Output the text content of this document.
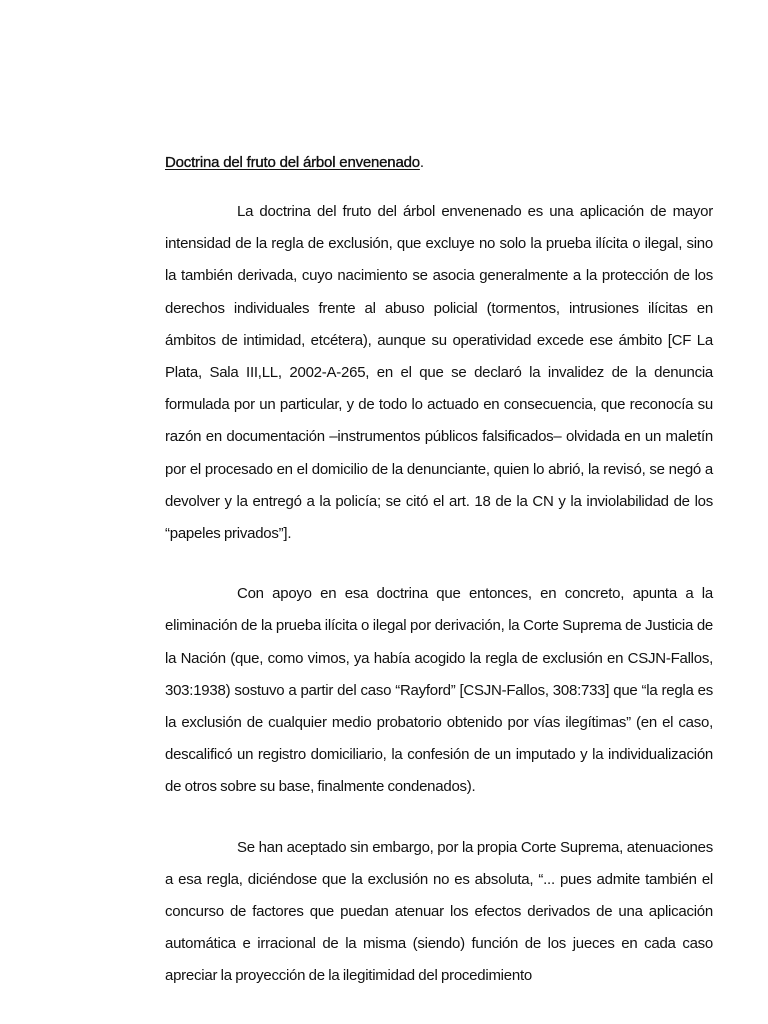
Doctrina del fruto del árbol envenenado.

La doctrina del fruto del árbol envenenado es una aplicación de mayor intensidad de la regla de exclusión, que excluye no solo la prueba ilícita o ilegal, sino la también derivada, cuyo nacimiento se asocia generalmente a la protección de los derechos individuales frente al abuso policial (tormentos, intrusiones ilícitas en ámbitos de intimidad, etcétera), aunque su operatividad excede ese ámbito [CF La Plata, Sala III,LL, 2002-A-265, en el que se declaró la invalidez de la denuncia formulada por un particular, y de todo lo actuado en consecuencia, que reconocía su razón en documentación –instrumentos públicos falsificados– olvidada en un maletín por el procesado en el domicilio de la denunciante, quien lo abrió, la revisó, se negó a devolver y la entregó a la policía; se citó el art. 18 de la CN y la inviolabilidad de los “papeles privados”].

Con apoyo en esa doctrina que entonces, en concreto, apunta a la eliminación de la prueba ilícita o ilegal por derivación, la Corte Suprema de Justicia de la Nación (que, como vimos, ya había acogido la regla de exclusión en CSJN-Fallos, 303:1938) sostuvo a partir del caso “Rayford” [CSJN-Fallos, 308:733] que “la regla es la exclusión de cualquier medio probatorio obtenido por vías ilegítimas” (en el caso, descalificó un registro domiciliario, la confesión de un imputado y la individualización de otros sobre su base, finalmente condenados).

Se han aceptado sin embargo, por la propia Corte Suprema, atenuaciones a esa regla, diciéndose que la exclusión no es absoluta, “... pues admite también el concurso de factores que puedan atenuar los efectos derivados de una aplicación automática e irracional de la misma (siendo) función de los jueces en cada caso apreciar la proyección de la ilegitimidad del procedimiento
